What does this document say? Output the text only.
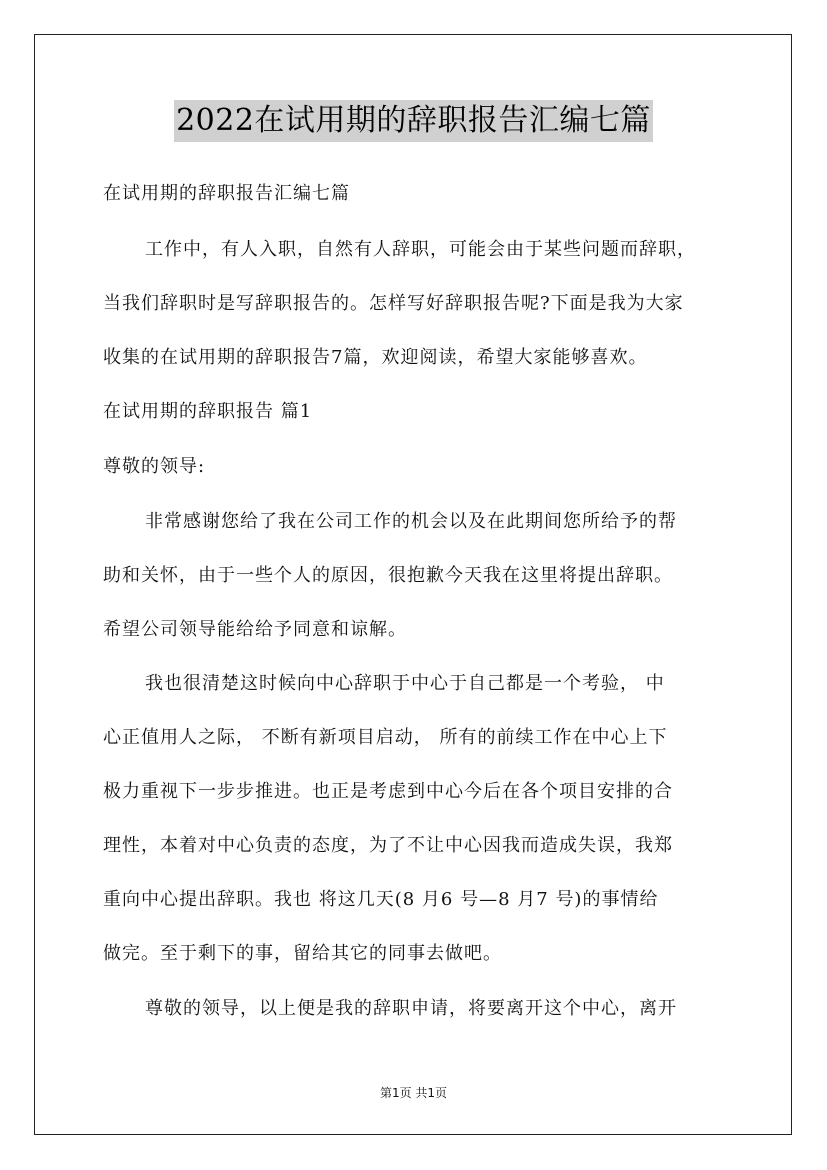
2022在试用期的辞职报告汇编七篇
在试用期的辞职报告汇编七篇
工作中，有人入职，自然有人辞职，可能会由于某些问题而辞职，
当我们辞职时是写辞职报告的。怎样写好辞职报告呢?下面是我为大家
收集的在试用期的辞职报告7篇，欢迎阅读，希望大家能够喜欢。
在试用期的辞职报告 篇1
尊敬的领导:
非常感谢您给了我在公司工作的机会以及在此期间您所给予的帮
助和关怀，由于一些个人的原因，很抱歉今天我在这里将提出辞职。
希望公司领导能给给予同意和谅解。
我也很清楚这时候向中心辞职于中心于自己都是一个考验， 中
心正值用人之际， 不断有新项目启动， 所有的前续工作在中心上下
极力重视下一步步推进。也正是考虑到中心今后在各个项目安排的合
理性，本着对中心负责的态度，为了不让中心因我而造成失误，我郑
重向中心提出辞职。我也 将这几天(8 月6 号—8 月7 号)的事情给
做完。至于剩下的事，留给其它的同事去做吧。
尊敬的领导，以上便是我的辞职申请，将要离开这个中心，离开
第1页 共1页
